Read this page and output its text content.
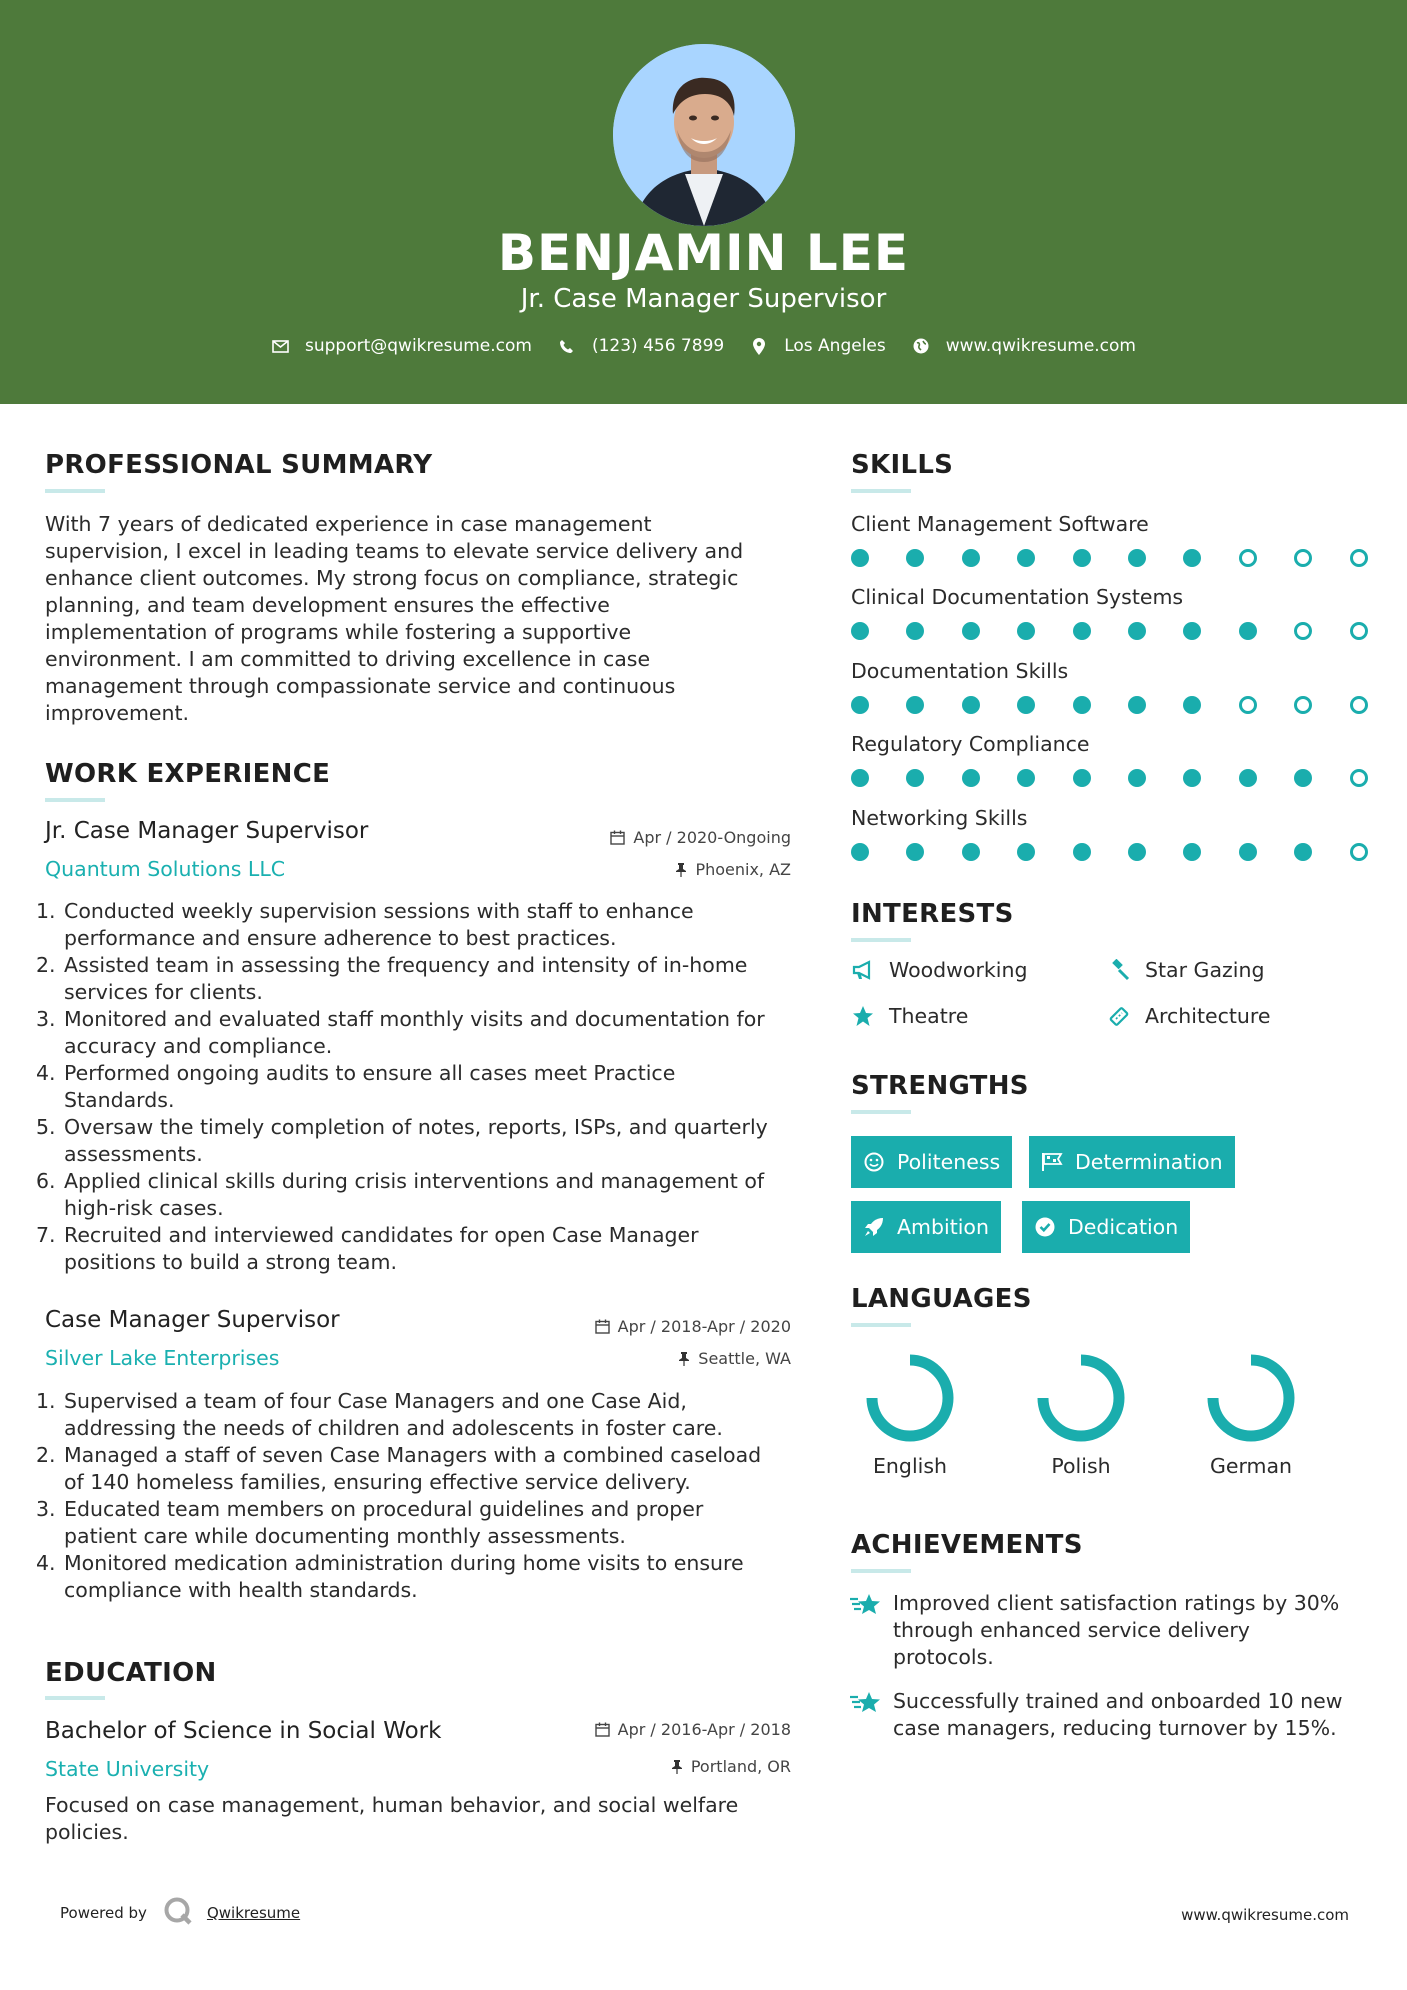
BENJAMIN LEE
Jr. Case Manager Supervisor
support@qwikresume.com	(123) 456 7899	Los Angeles	www.qwikresume.com
PROFESSIONAL SUMMARY
With 7 years of dedicated experience in case management
supervision, I excel in leading teams to elevate service delivery and
enhance client outcomes. My strong focus on compliance, strategic
planning, and team development ensures the effective
implementation of programs while fostering a supportive
environment. I am committed to driving excellence in case
management through compassionate service and continuous
improvement.
WORK EXPERIENCE
Jr. Case Manager Supervisor	Apr / 2020-Ongoing
Quantum Solutions LLC	Phoenix, AZ
1. Conducted weekly supervision sessions with staff to enhance
performance and ensure adherence to best practices.
2. Assisted team in assessing the frequency and intensity of in-home
services for clients.
3. Monitored and evaluated staff monthly visits and documentation for
accuracy and compliance.
4. Performed ongoing audits to ensure all cases meet Practice
Standards.
5. Oversaw the timely completion of notes, reports, ISPs, and quarterly
assessments.
6. Applied clinical skills during crisis interventions and management of
high-risk cases.
7. Recruited and interviewed candidates for open Case Manager
positions to build a strong team.
Case Manager Supervisor	Apr / 2018-Apr / 2020
Silver Lake Enterprises	Seattle, WA
1. Supervised a team of four Case Managers and one Case Aid,
addressing the needs of children and adolescents in foster care.
2. Managed a staff of seven Case Managers with a combined caseload
of 140 homeless families, ensuring effective service delivery.
3. Educated team members on procedural guidelines and proper
patient care while documenting monthly assessments.
4. Monitored medication administration during home visits to ensure
compliance with health standards.
EDUCATION
Bachelor of Science in Social Work	Apr / 2016-Apr / 2018
State University	Portland, OR
Focused on case management, human behavior, and social welfare
policies.
SKILLS
Client Management Software
Clinical Documentation Systems
Documentation Skills
Regulatory Compliance
Networking Skills
INTERESTS
Woodworking	Star Gazing
Theatre	Architecture
STRENGTHS
Politeness	Determination
Ambition	Dedication
LANGUAGES
English	Polish	German
ACHIEVEMENTS
Improved client satisfaction ratings by 30%
through enhanced service delivery
protocols.
Successfully trained and onboarded 10 new
case managers, reducing turnover by 15%.
Powered by	Qwikresume	www.qwikresume.com
